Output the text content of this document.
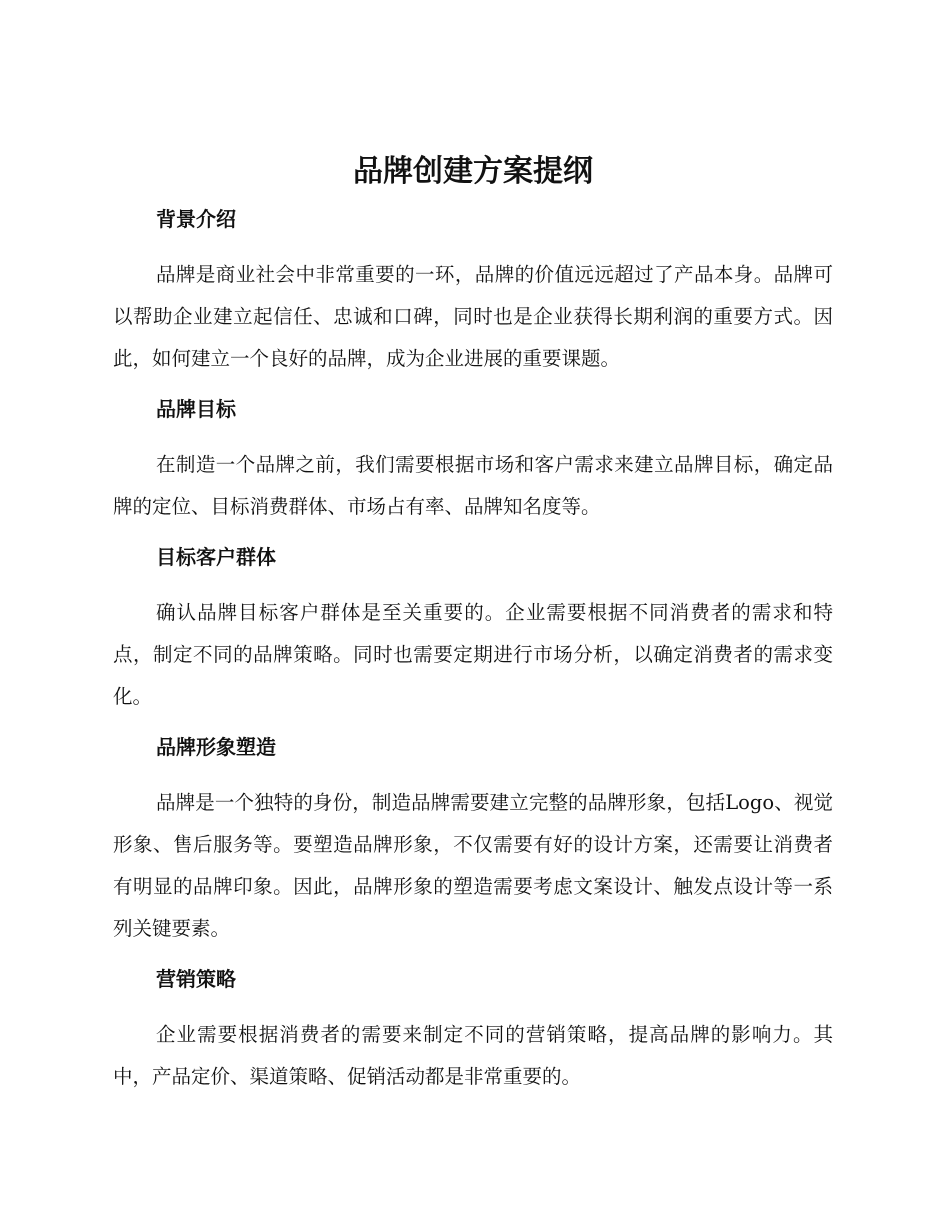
品牌创建方案提纲
背景介绍

品牌是商业社会中非常重要的一环，品牌的价值远远超过了产品本身。品牌可以帮助企业建立起信任、忠诚和口碑，同时也是企业获得长期利润的重要方式。因此，如何建立一个良好的品牌，成为企业进展的重要课题。

品牌目标

在制造一个品牌之前，我们需要根据市场和客户需求来建立品牌目标，确定品牌的定位、目标消费群体、市场占有率、品牌知名度等。

目标客户群体

确认品牌目标客户群体是至关重要的。企业需要根据不同消费者的需求和特点，制定不同的品牌策略。同时也需要定期进行市场分析，以确定消费者的需求变化。

品牌形象塑造

品牌是一个独特的身份，制造品牌需要建立完整的品牌形象，包括Logo、视觉形象、售后服务等。要塑造品牌形象，不仅需要有好的设计方案，还需要让消费者有明显的品牌印象。因此，品牌形象的塑造需要考虑文案设计、触发点设计等一系列关键要素。

营销策略

企业需要根据消费者的需要来制定不同的营销策略，提高品牌的影响力。其中，产品定价、渠道策略、促销活动都是非常重要的。
